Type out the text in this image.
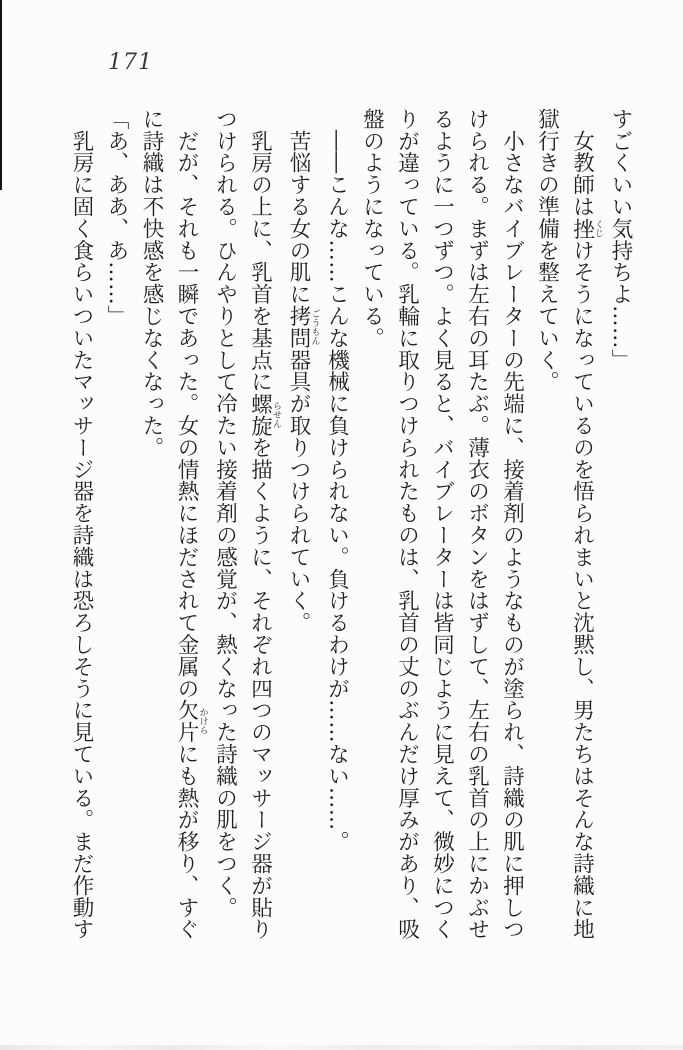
171
すごくいい気持ちよ……」
　女教師は挫くじけそうになっているのを悟られまいと沈黙し、男たちはそんな詩織に地
獄行きの準備を整えていく。
　小さなバイブレーターの先端に、接着剤のようなものが塗られ、詩織の肌に押しつ
けられる。まずは左右の耳たぶ。薄衣のボタンをはずして、左右の乳首の上にかぶせ
るように一つずつ。よく見ると、バイブレーターは皆同じように見えて、微妙につく
りが違っている。乳輪に取りつけられたものは、乳首の丈のぶんだけ厚みがあり、吸
盤のようになっている。
　――こんな……こんな機械に負けられない。負けるわけが……ない……。
　苦悩する女の肌に拷問ごうもん器具が取りつけられていく。
　乳房の上に、乳首を基点に螺旋らせんを描くように、それぞれ四つのマッサージ器が貼り
つけられる。ひんやりとして冷たい接着剤の感覚が、熱くなった詩織の肌をつく。
　だが、それも一瞬であった。女の情熱にほだされて金属の欠片かけらにも熱が移り、すぐ
に詩織は不快感を感じなくなった。
「あ、ああ、あ……」
　乳房に固く食らいついたマッサージ器を詩織は恐ろしそうに見ている。まだ作動す
